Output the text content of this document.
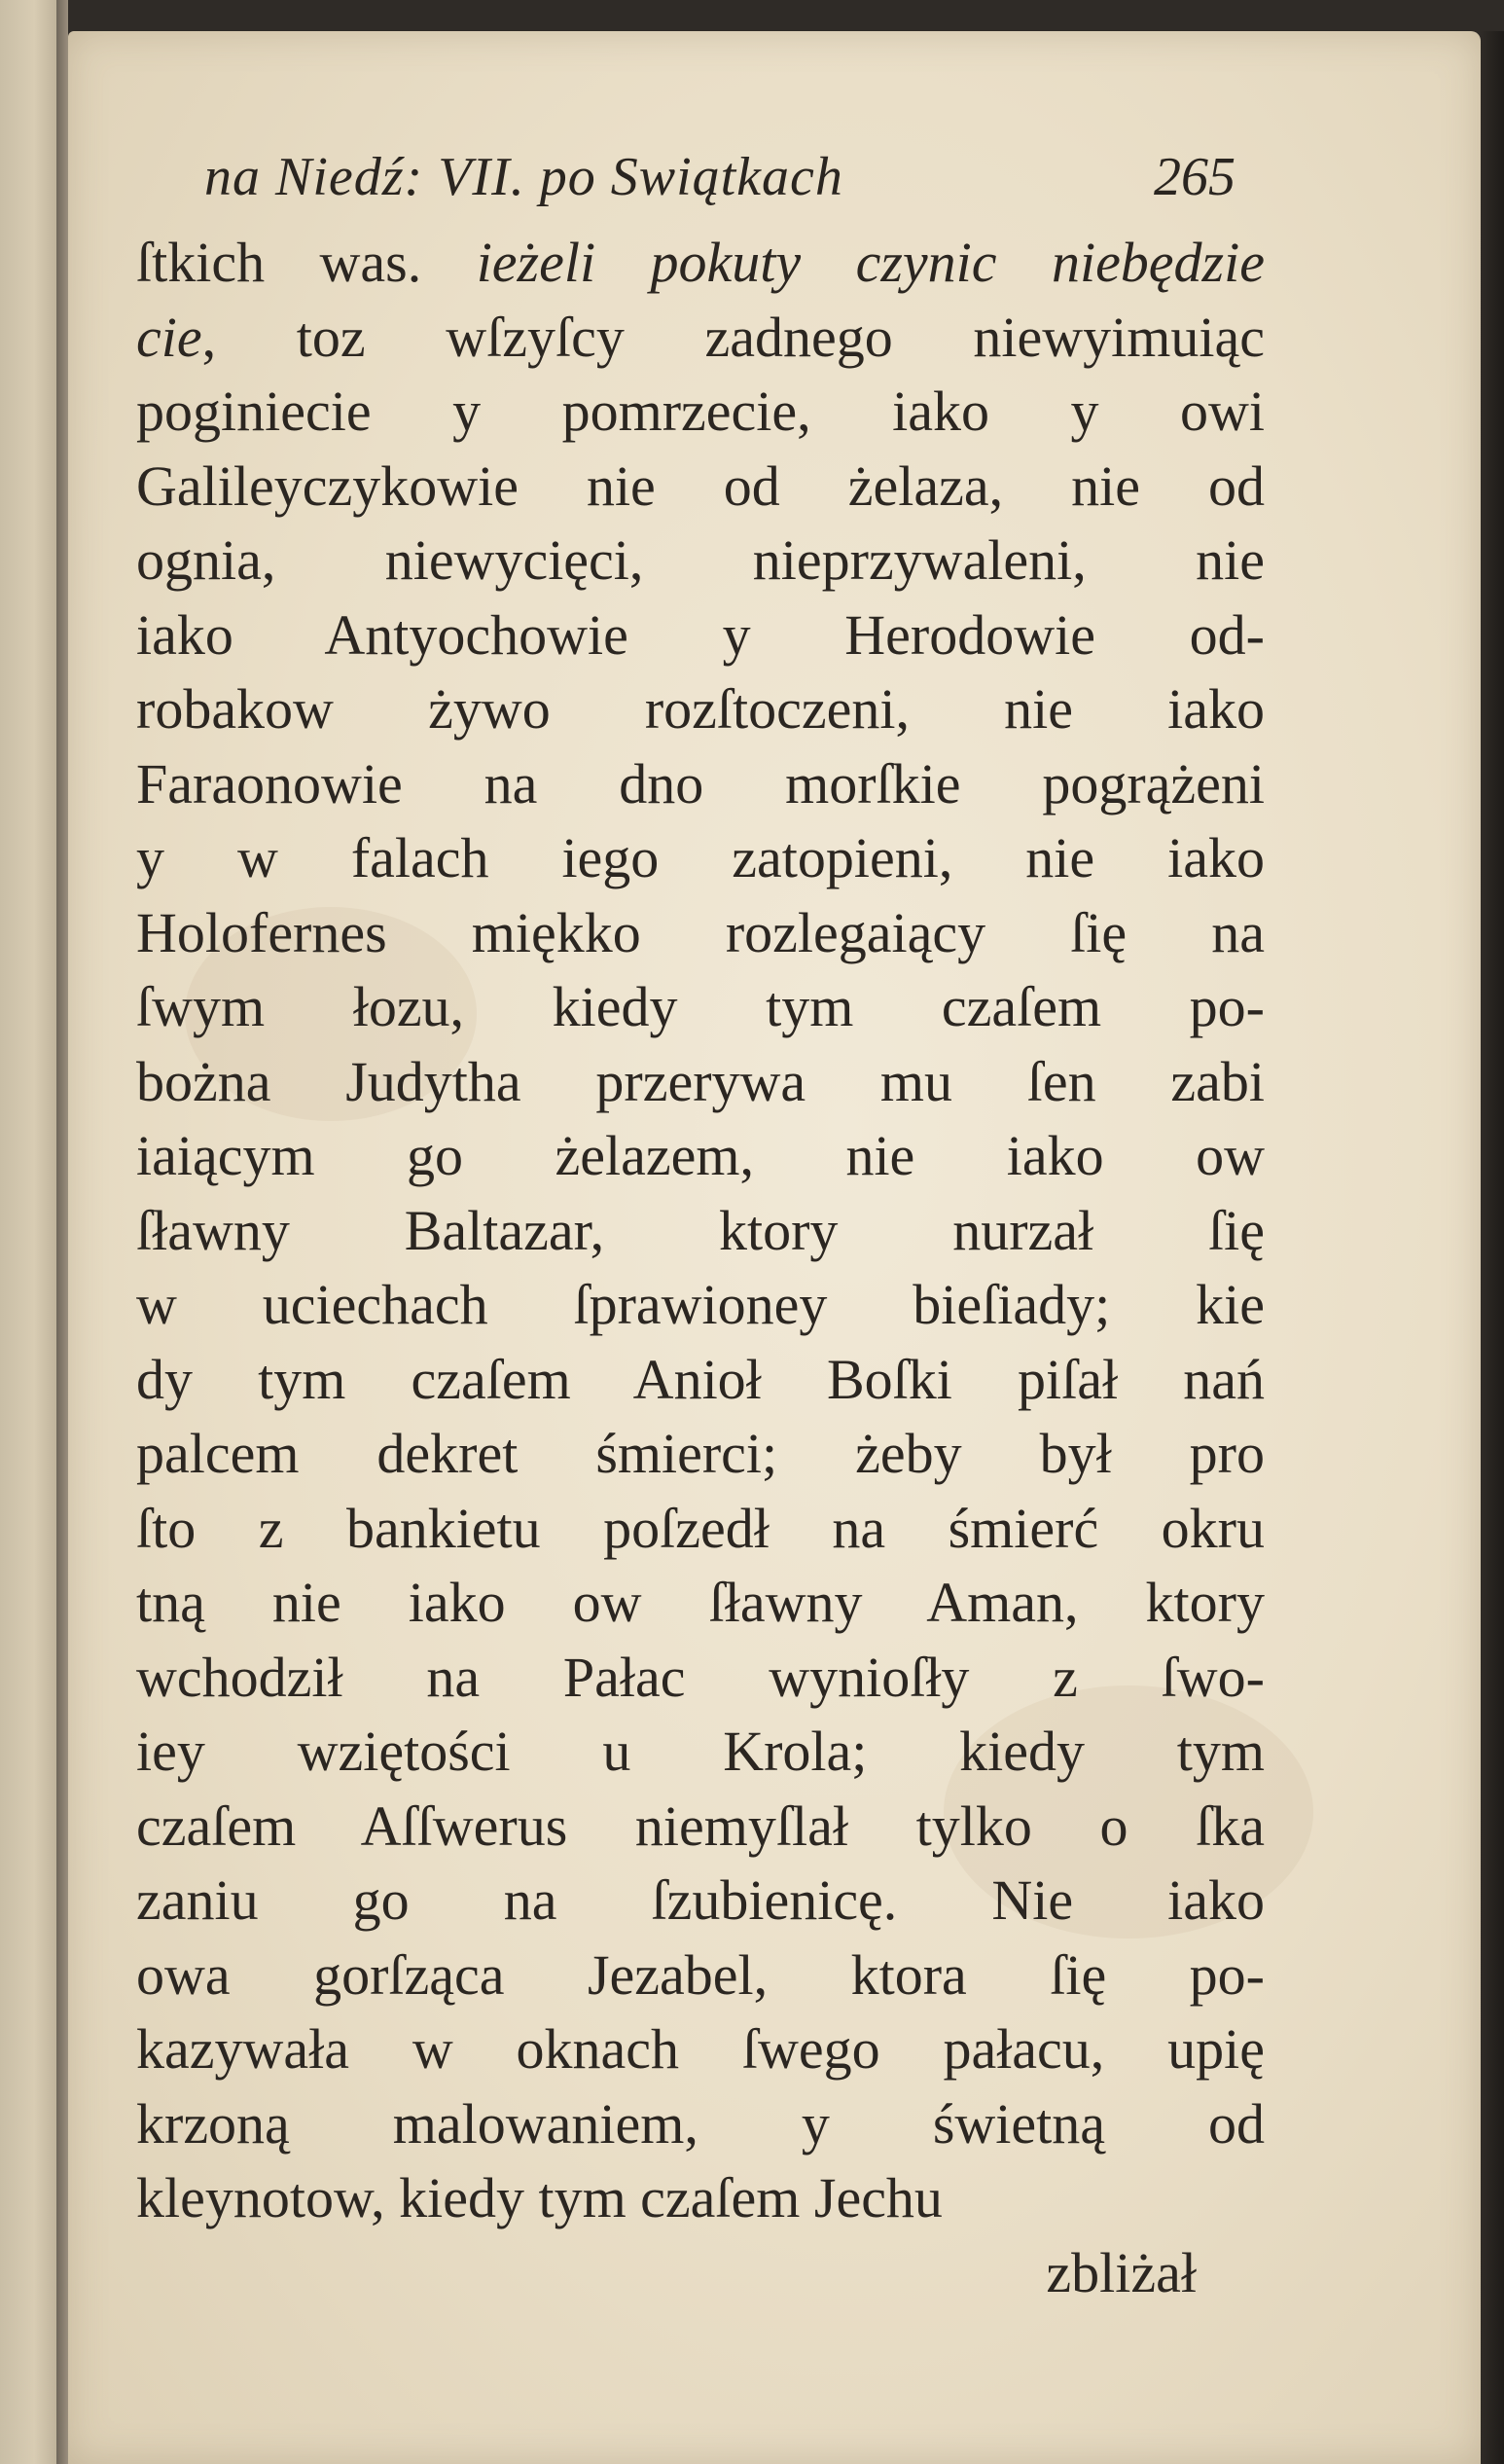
na Niedź: VII. po Swiątkach	265
ſtkich was. ieżeli pokuty czynic niebędzie
cie, toz wſzyſcy zadnego niewyimuiąc
poginiecie y pomrzecie, iako y owi
Galileyczykowie nie od żelaza, nie od
ognia, niewycięci, nieprzywaleni, nie
iako Antyochowie y Herodowie od-
robakow żywo rozſtoczeni, nie iako
Faraonowie na dno morſkie pogrążeni
y w falach iego zatopieni, nie iako
Holofernes miękko rozlegaiący ſię na
ſwym łozu, kiedy tym czaſem po-
bożna Judytha przerywa mu ſen zabi
iaiącym go żelazem, nie iako ow
ſławny Baltazar, ktory nurzał ſię
w uciechach ſprawioney bieſiady; kie
dy tym czaſem Anioł Boſki piſał nań
palcem dekret śmierci; żeby był pro
ſto z bankietu poſzedł na śmierć okru
tną nie iako ow ſławny Aman, ktory
wchodził na Pałac wynioſły z ſwo-
iey wziętości u Krola; kiedy tym
czaſem Aſſwerus niemyſlał tylko o ſka
zaniu go na ſzubienicę. Nie iako
owa gorſząca Jezabel, ktora ſię po-
kazywała w oknach ſwego pałacu, upię
krzoną malowaniem, y świetną od
kleynotow, kiedy tym czaſem Jechu
zbliżał
